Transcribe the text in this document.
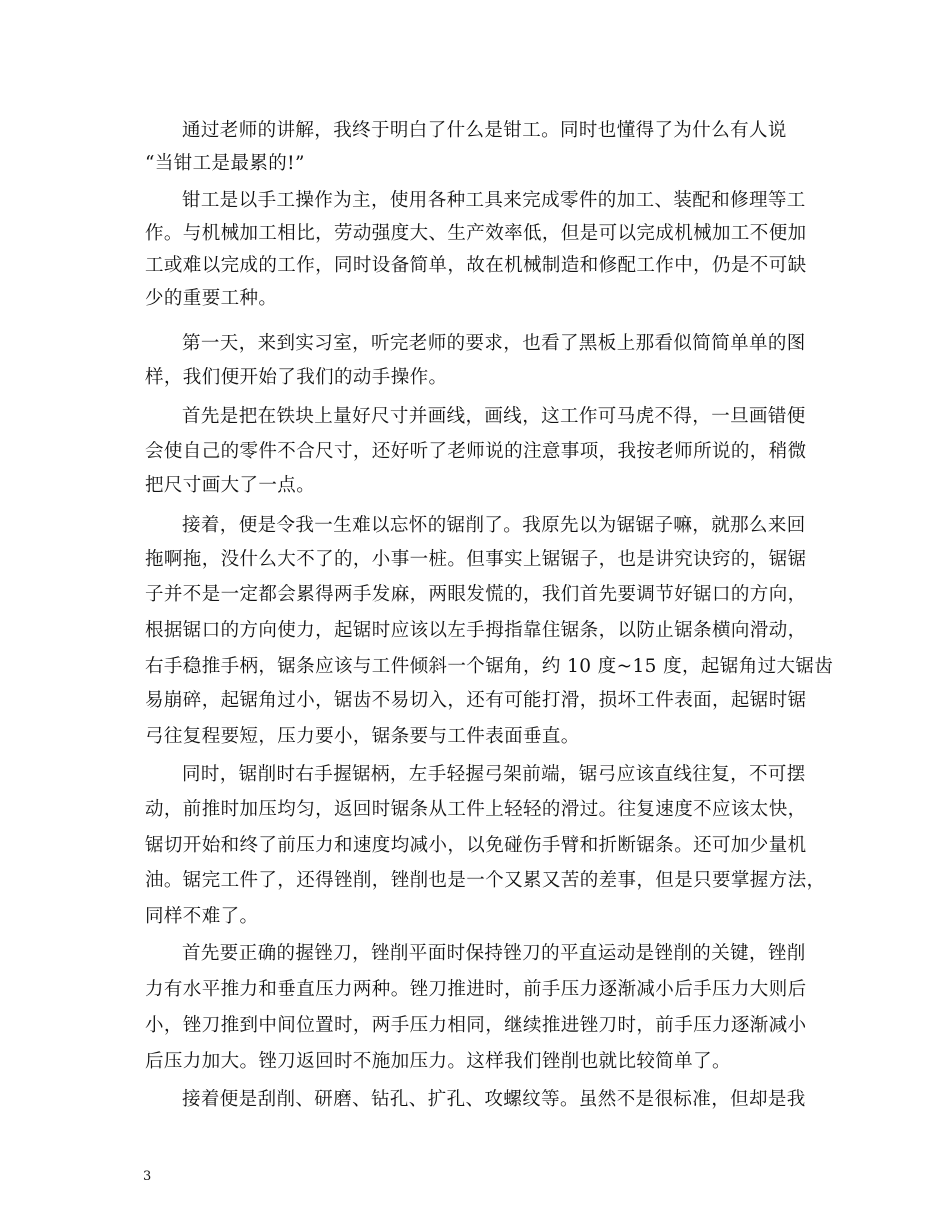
通过老师的讲解，我终于明白了什么是钳工。同时也懂得了为什么有人说
“当钳工是最累的!”
钳工是以手工操作为主，使用各种工具来完成零件的加工、装配和修理等工
作。与机械加工相比，劳动强度大、生产效率低，但是可以完成机械加工不便加
工或难以完成的工作，同时设备简单，故在机械制造和修配工作中，仍是不可缺
少的重要工种。
第一天，来到实习室，听完老师的要求，也看了黑板上那看似简简单单的图
样，我们便开始了我们的动手操作。
首先是把在铁块上量好尺寸并画线，画线，这工作可马虎不得，一旦画错便
会使自己的零件不合尺寸，还好听了老师说的注意事项，我按老师所说的，稍微
把尺寸画大了一点。
接着，便是令我一生难以忘怀的锯削了。我原先以为锯锯子嘛，就那么来回
拖啊拖，没什么大不了的，小事一桩。但事实上锯锯子，也是讲究诀窍的，锯锯
子并不是一定都会累得两手发麻，两眼发慌的，我们首先要调节好锯口的方向，
根据锯口的方向使力，起锯时应该以左手拇指靠住锯条，以防止锯条横向滑动，
右手稳推手柄，锯条应该与工件倾斜一个锯角，约 10 度~15 度，起锯角过大锯齿
易崩碎，起锯角过小，锯齿不易切入，还有可能打滑，损坏工件表面，起锯时锯
弓往复程要短，压力要小，锯条要与工件表面垂直。
同时，锯削时右手握锯柄，左手轻握弓架前端，锯弓应该直线往复，不可摆
动，前推时加压均匀，返回时锯条从工件上轻轻的滑过。往复速度不应该太快，
锯切开始和终了前压力和速度均减小，以免碰伤手臂和折断锯条。还可加少量机
油。锯完工件了，还得锉削，锉削也是一个又累又苦的差事，但是只要掌握方法，
同样不难了。
首先要正确的握锉刀，锉削平面时保持锉刀的平直运动是锉削的关键，锉削
力有水平推力和垂直压力两种。锉刀推进时，前手压力逐渐减小后手压力大则后
小，锉刀推到中间位置时，两手压力相同，继续推进锉刀时，前手压力逐渐减小
后压力加大。锉刀返回时不施加压力。这样我们锉削也就比较简单了。
接着便是刮削、研磨、钻孔、扩孔、攻螺纹等。虽然不是很标准，但却是我
3
